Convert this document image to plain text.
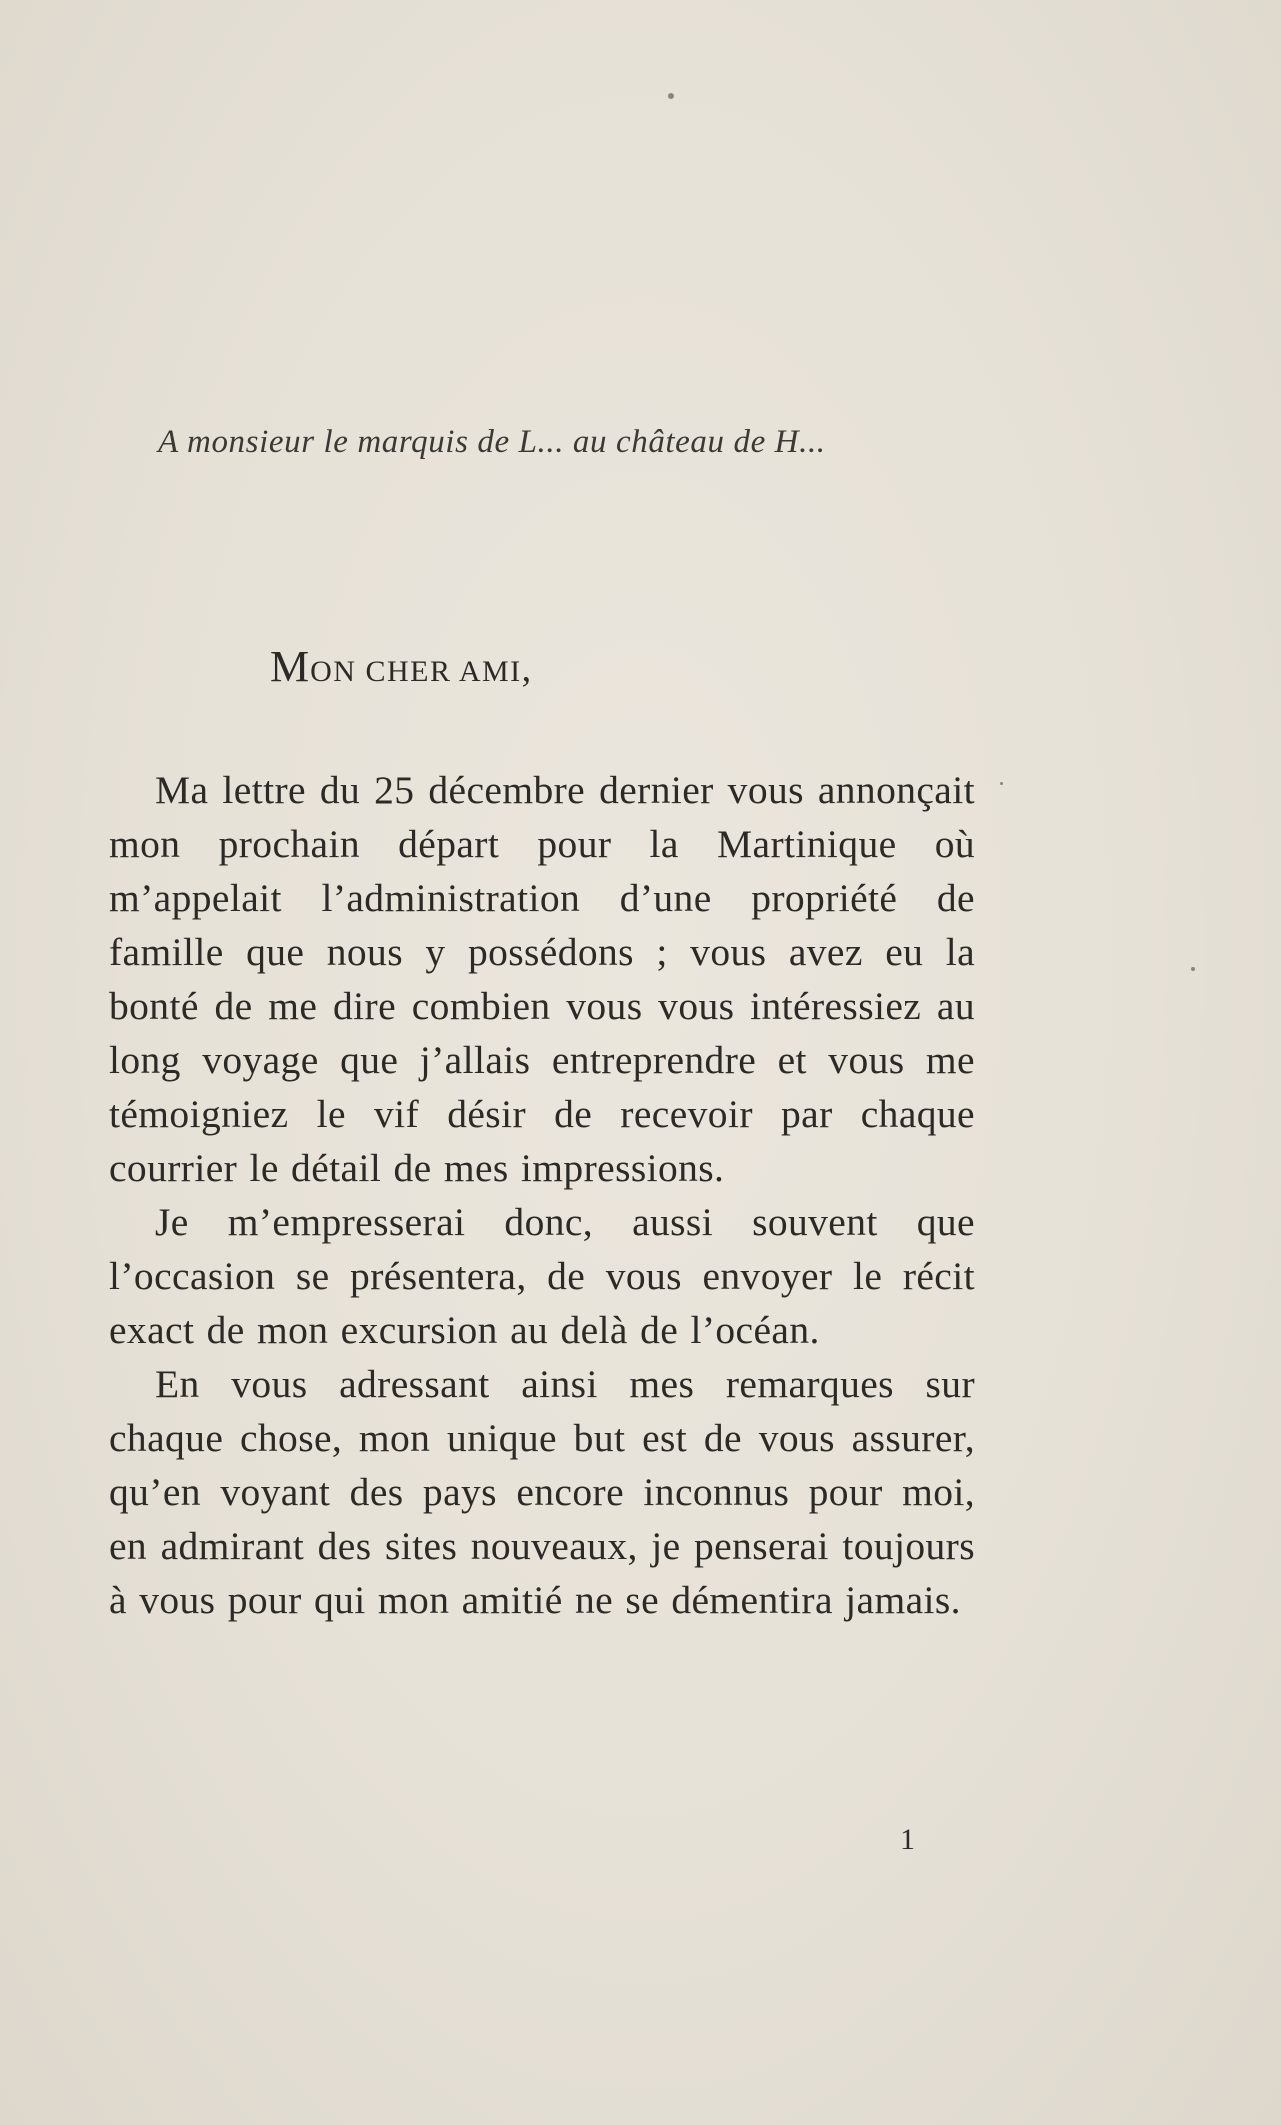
A monsieur le marquis de L... au château de H...
MON CHER AMI,

Ma lettre du 25 décembre dernier vous annonçait mon prochain départ pour la Martinique où m’appelait l’administration d’une propriété de famille que nous y possédons ; vous avez eu la bonté de me dire combien vous vous intéressiez au long voyage que j’allais entreprendre et vous me témoigniez le vif désir de recevoir par chaque courrier le détail de mes impressions.

Je m’empresserai donc, aussi souvent que l’occasion se présentera, de vous envoyer le récit exact de mon excursion au delà de l’océan.

En vous adressant ainsi mes remarques sur chaque chose, mon unique but est de vous assurer, qu’en voyant des pays encore inconnus pour moi, en admirant des sites nouveaux, je penserai toujours à vous pour qui mon amitié ne se démentira jamais.

1
